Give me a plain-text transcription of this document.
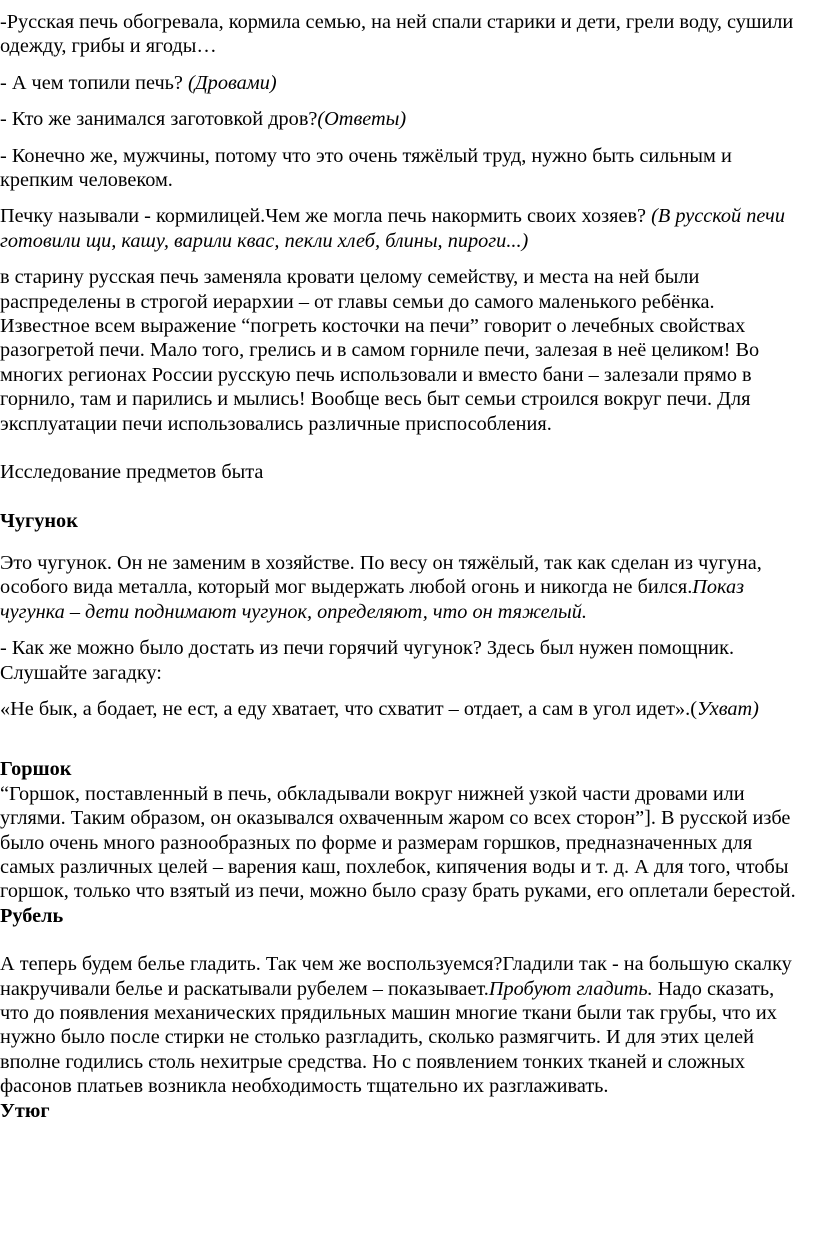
-Русская печь обогревала, кормила семью, на ней спали старики и дети, грели воду, сушили одежду, грибы и ягоды…

- А чем топили печь? (Дровами)

- Кто же занимался заготовкой дров?(Ответы)

- Конечно же, мужчины, потому что это очень тяжёлый труд, нужно быть сильным и крепким человеком.

Печку называли - кормилицей.Чем же могла печь накормить своих хозяев? (В русской печи готовили щи, кашу, варили квас, пекли хлеб, блины, пироги...)

в старину русская печь заменяла кровати целому семейству, и места на ней были распределены в строгой иерархии – от главы семьи до самого маленького ребёнка. Известное всем выражение “погреть косточки на печи” говорит о лечебных свойствах разогретой печи. Мало того, грелись и в самом горниле печи, залезая в неё целиком! Во многих регионах России русскую печь использовали и вместо бани – залезали прямо в горнило, там и парились и мылись! Вообще весь быт семьи строился вокруг печи. Для эксплуатации печи использовались различные приспособления.

Исследование предметов быта

Чугунок

Это чугунок. Он не заменим в хозяйстве. По весу он тяжёлый, так как сделан из чугуна, особого вида металла, который мог выдержать любой огонь и никогда не бился.Показ чугунка – дети поднимают чугунок, определяют, что он тяжелый.

- Как же можно было достать из печи горячий чугунок? Здесь был нужен помощник. Слушайте загадку:

«Не бык, а бодает, не ест, а еду хватает, что схватит – отдает, а сам в угол идет».(Ухват)

Горшок

“Горшок, поставленный в печь, обкладывали вокруг нижней узкой части дровами или углями. Таким образом, он оказывался охваченным жаром со всех сторон”]. В русской избе было очень много разнообразных по форме и размерам горшков, предназначенных для самых различных целей – варения каш, похлебок, кипячения воды и т. д. А для того, чтобы горшок, только что взятый из печи, можно было сразу брать руками, его оплетали берестой.

Рубель

А теперь будем белье гладить. Так чем же воспользуемся?Гладили так - на большую скалку накручивали белье и раскатывали рубелем – показывает.Пробуют гладить. Надо сказать, что до появления механических прядильных машин многие ткани были так грубы, что их нужно было после стирки не столько разгладить, сколько размягчить. И для этих целей вполне годились столь нехитрые средства. Но с появлением тонких тканей и сложных фасонов платьев возникла необходимость тщательно их разглаживать.

Утюг
